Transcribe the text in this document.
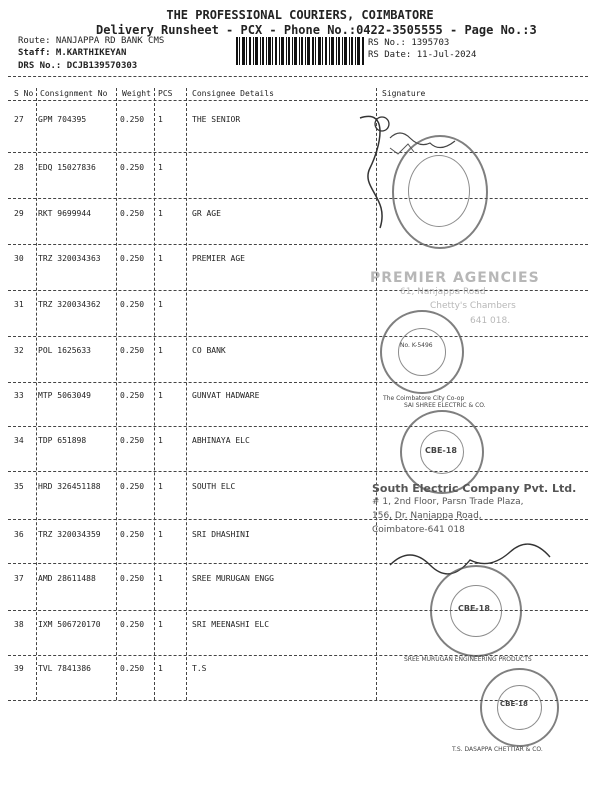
THE PROFESSIONAL COURIERS, COIMBATORE
Delivery Runsheet - PCX - Phone No.:0422-3505555 - Page No.:3
Route: NANJAPPA RD BANK CMS
Staff: M.KARTHIKEYAN
DRS No.: DCJB139570303
RS No.: 1395703
RS Date: 11-Jul-2024
S No Consignment No Weight PCS Consignee Details	Signature
27 GPM 704395	0.250 1	THE SENIOR
28 EDQ 15027836	0.250 1
29 RKT 9699944	0.250 1	GR AGE
30 TRZ 320034363 0.250 1	PREMIER AGE
31 TRZ 320034362 0.250 1
32 POL 1625633	0.250 1	CO BANK
33 MTP 5063049	0.250 1	GUNVAT HADWARE
34 TDP 651898	0.250 1	ABHINAYA ELC
35 HRD 326451188 0.250 1	SOUTH ELC
36 TRZ 320034359 0.250 1	SRI DHASHINI
37 AMD 28611488	0.250 1	SREE MURUGAN ENGG
38 IXM 506720170 0.250 1	SRI MEENASHI ELC
39 TVL 7841386	0.250 1	T.S
PREMIER AGENCIES
61, Nanjappa Road
Chetty's Chambers
641 018.
The Coimbatore City Co-op
No. K-5496
CBE-18
SAI SHREE ELECTRIC & CO.
South Electric Company Pvt. Ltd.
# 1, 2nd Floor, Parsn Trade Plaza,
156, Dr. Nanjappa Road,
Coimbatore-641 018
CBE-18
SREE MURUGAN ENGINEERING PRODUCTS
CBE-18
T.S. DASAPPA CHETTIAR & CO.
